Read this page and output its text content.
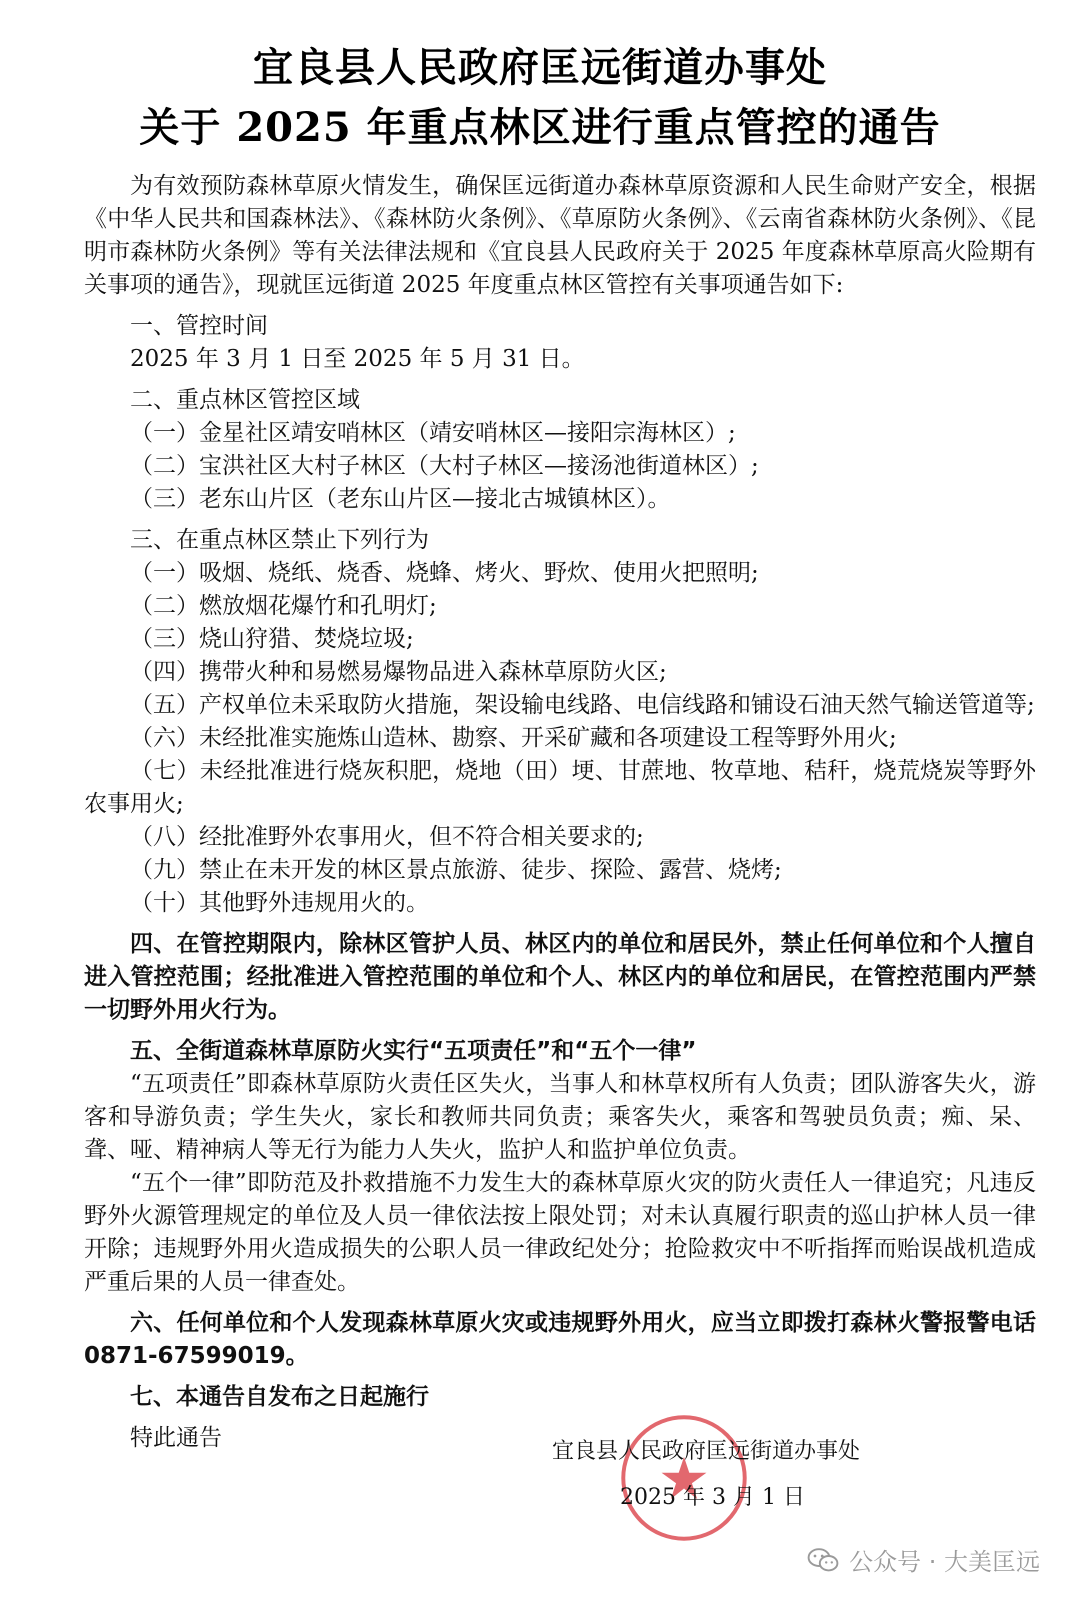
宜良县人民政府匡远街道办事处
关于 2025 年重点林区进行重点管控的通告

为有效预防森林草原火情发生，确保匡远街道办森林草原资源和人民生命财产安全，根据《中华人民共和国森林法》、《森林防火条例》、《草原防火条例》、《云南省森林防火条例》、《昆明市森林防火条例》等有关法律法规和《宜良县人民政府关于 2025 年度森林草原高火险期有关事项的通告》，现就匡远街道 2025 年度重点林区管控有关事项通告如下:

一、管控时间

2025 年 3 月 1 日至 2025 年 5 月 31 日。

二、重点林区管控区域

（一）金星社区靖安哨林区（靖安哨林区—接阳宗海林区）;

（二）宝洪社区大村子林区（大村子林区—接汤池街道林区）;

（三）老东山片区（老东山片区—接北古城镇林区）。

三、在重点林区禁止下列行为

（一）吸烟、烧纸、烧香、烧蜂、烤火、野炊、使用火把照明;

（二）燃放烟花爆竹和孔明灯;

（三）烧山狩猎、焚烧垃圾;

（四）携带火种和易燃易爆物品进入森林草原防火区;

（五）产权单位未采取防火措施，架设输电线路、电信线路和铺设石油天然气输送管道等;

（六）未经批准实施炼山造林、勘察、开采矿藏和各项建设工程等野外用火;

（七）未经批准进行烧灰积肥，烧地（田）埂、甘蔗地、牧草地、秸秆，烧荒烧炭等野外农事用火;

（八）经批准野外农事用火，但不符合相关要求的;

（九）禁止在未开发的林区景点旅游、徒步、探险、露营、烧烤;

（十）其他野外违规用火的。

四、在管控期限内，除林区管护人员、林区内的单位和居民外，禁止任何单位和个人擅自进入管控范围；经批准进入管控范围的单位和个人、林区内的单位和居民，在管控范围内严禁一切野外用火行为。

五、全街道森林草原防火实行“五项责任”和“五个一律”

“五项责任”即森林草原防火责任区失火，当事人和林草权所有人负责；团队游客失火，游客和导游负责；学生失火，家长和教师共同负责；乘客失火，乘客和驾驶员负责；痴、呆、聋、哑、精神病人等无行为能力人失火，监护人和监护单位负责。

“五个一律”即防范及扑救措施不力发生大的森林草原火灾的防火责任人一律追究；凡违反野外火源管理规定的单位及人员一律依法按上限处罚；对未认真履行职责的巡山护林人员一律开除；违规野外用火造成损失的公职人员一律政纪处分；抢险救灾中不听指挥而贻误战机造成严重后果的人员一律查处。

六、任何单位和个人发现森林草原火灾或违规野外用火，应当立即拨打森林火警报警电话 0871-67599019。

七、本通告自发布之日起施行

特此通告

宜良县人民政府匡远街道办事处
2025 年 3 月 1 日
公众号 · 大美匡远
